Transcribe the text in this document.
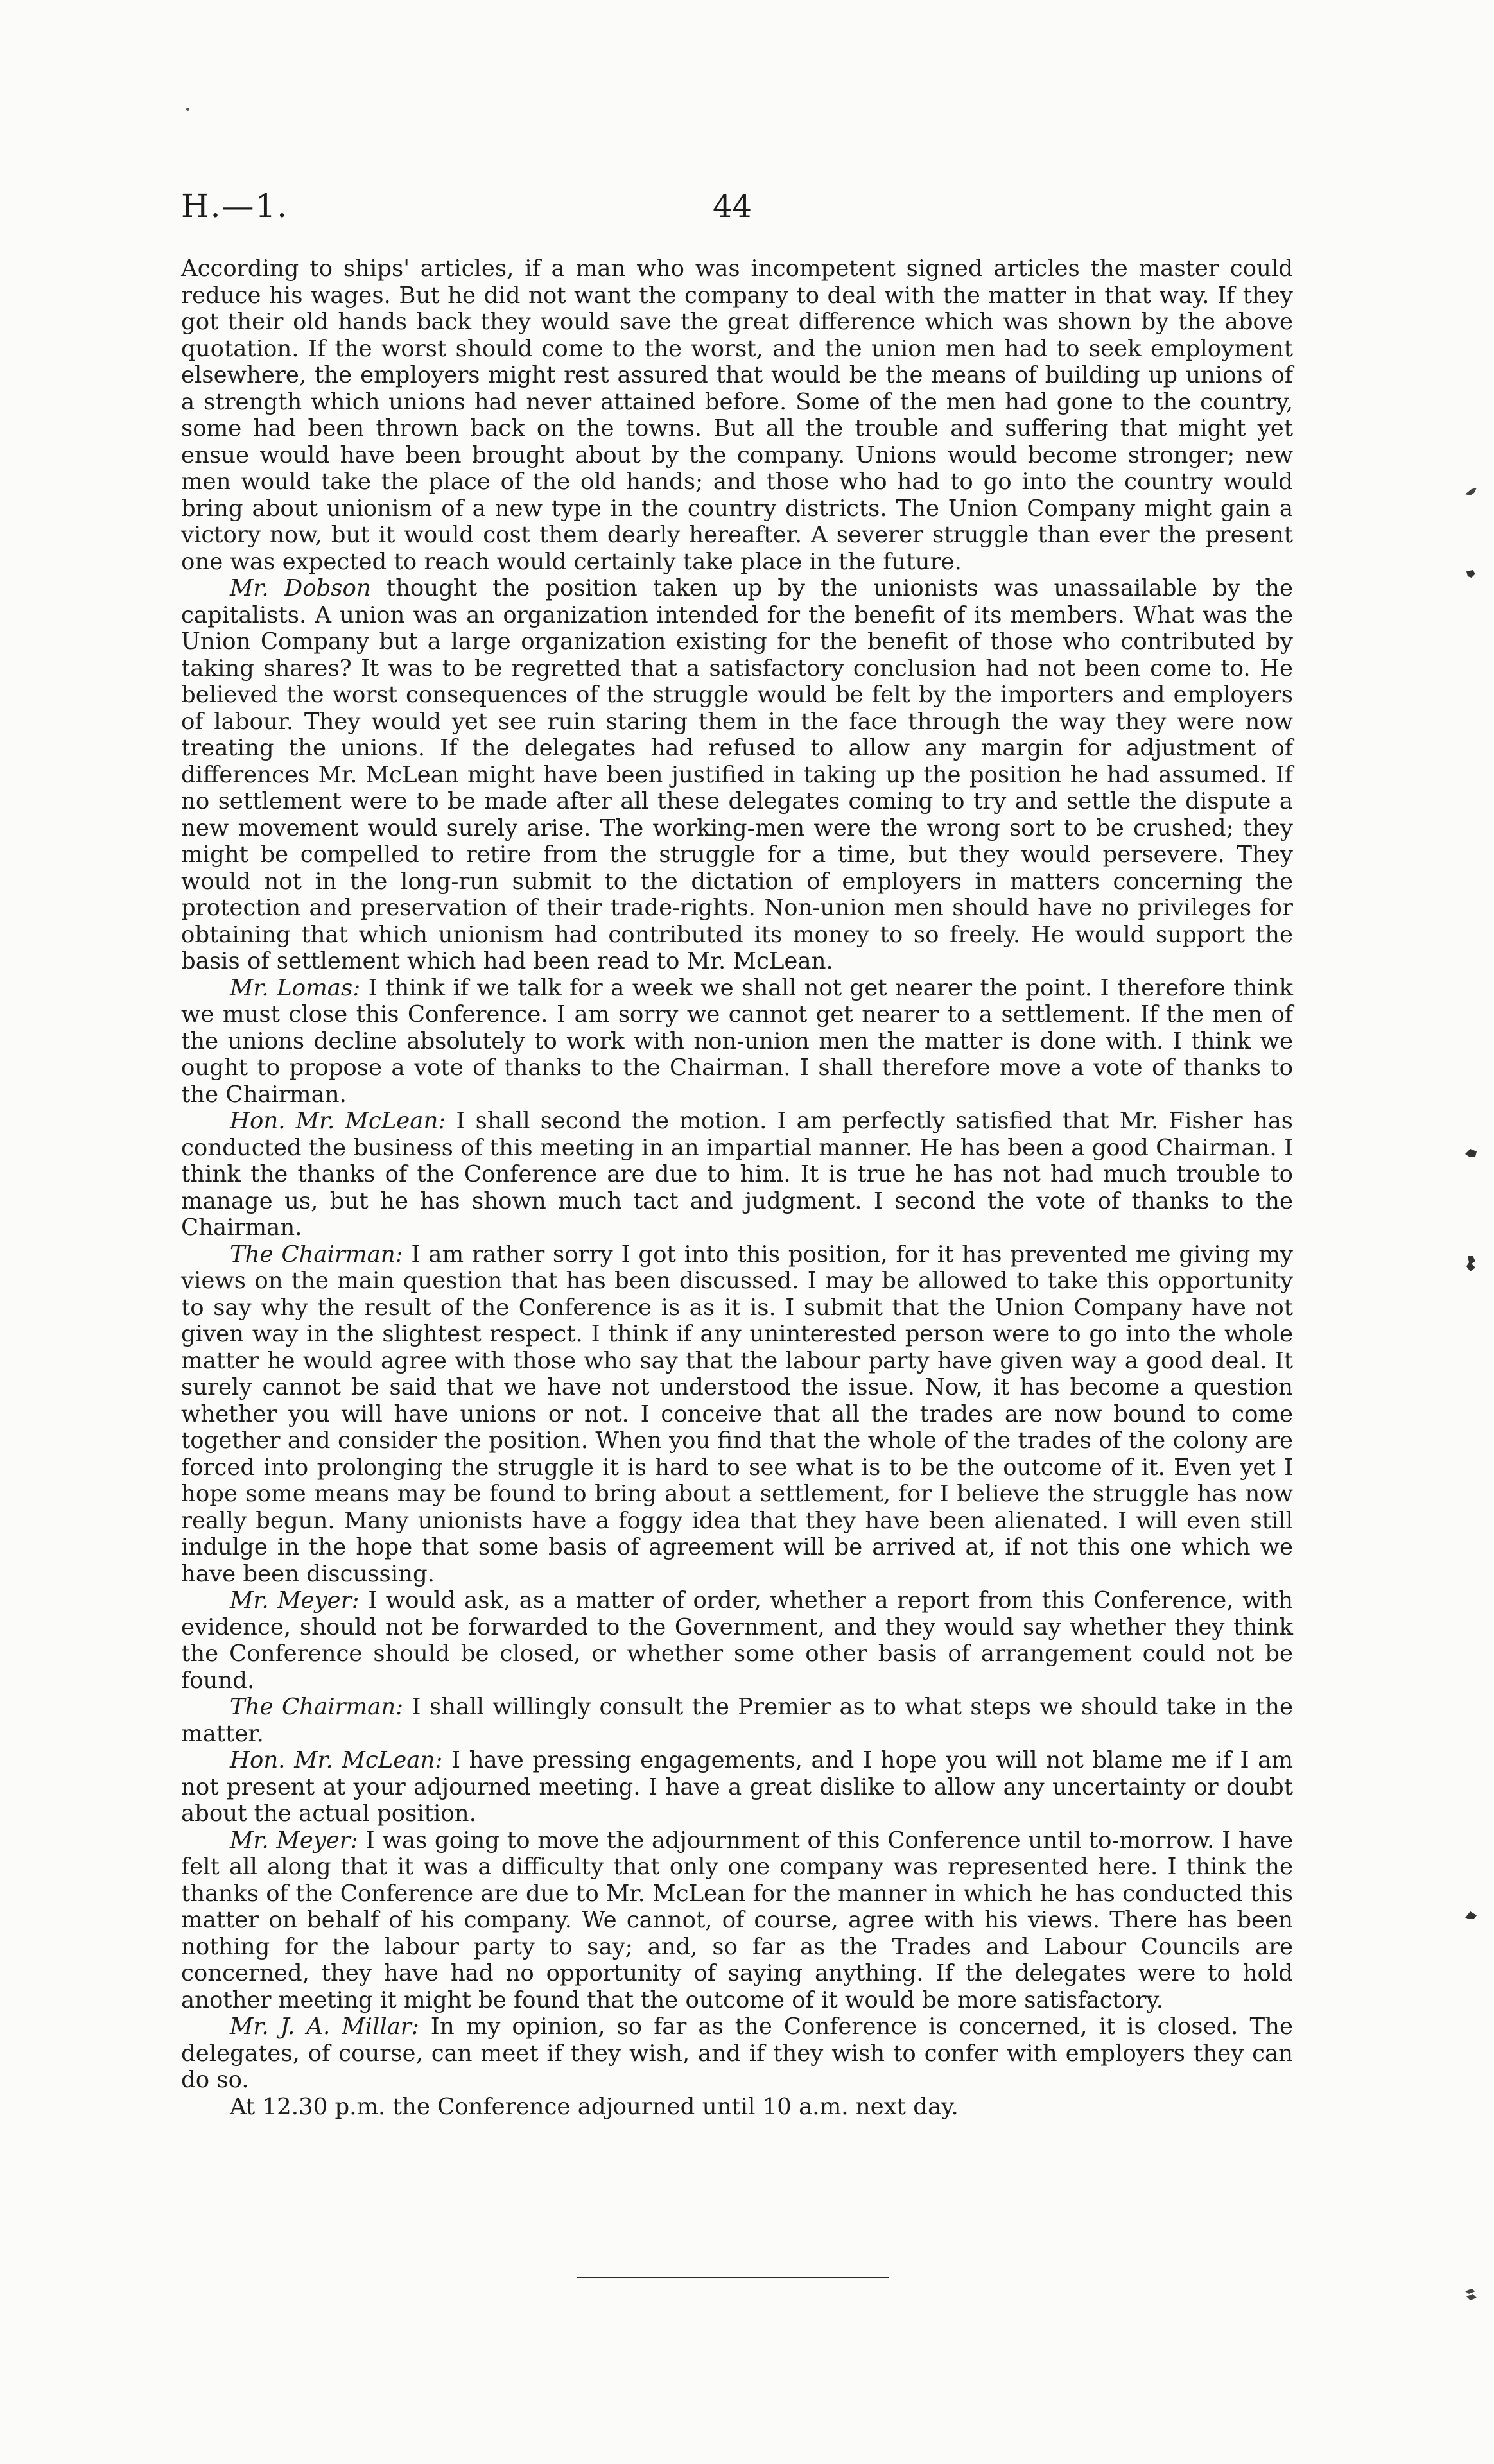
H.—1.	44

According to ships' articles, if a man who was incompetent signed articles the master could reduce his wages. But he did not want the company to deal with the matter in that way. If they got their old hands back they would save the great difference which was shown by the above quotation. If the worst should come to the worst, and the union men had to seek employment elsewhere, the employers might rest assured that would be the means of building up unions of a strength which unions had never attained before. Some of the men had gone to the country, some had been thrown back on the towns. But all the trouble and suffering that might yet ensue would have been brought about by the company. Unions would become stronger; new men would take the place of the old hands; and those who had to go into the country would bring about unionism of a new type in the country districts. The Union Company might gain a victory now, but it would cost them dearly hereafter. A severer struggle than ever the present one was expected to reach would certainly take place in the future.

Mr. Dobson thought the position taken up by the unionists was unassailable by the capitalists. A union was an organization intended for the benefit of its members. What was the Union Company but a large organization existing for the benefit of those who contributed by taking shares? It was to be regretted that a satisfactory conclusion had not been come to. He believed the worst consequences of the struggle would be felt by the importers and employers of labour. They would yet see ruin staring them in the face through the way they were now treating the unions. If the delegates had refused to allow any margin for adjustment of differences Mr. McLean might have been justified in taking up the position he had assumed. If no settlement were to be made after all these delegates coming to try and settle the dispute a new movement would surely arise. The working-men were the wrong sort to be crushed; they might be compelled to retire from the struggle for a time, but they would persevere. They would not in the long-run submit to the dictation of employers in matters concerning the protection and preservation of their trade-rights. Non-union men should have no privileges for obtaining that which unionism had contributed its money to so freely. He would support the basis of settlement which had been read to Mr. McLean.

Mr. Lomas: I think if we talk for a week we shall not get nearer the point. I therefore think we must close this Conference. I am sorry we cannot get nearer to a settlement. If the men of the unions decline absolutely to work with non-union men the matter is done with. I think we ought to propose a vote of thanks to the Chairman. I shall therefore move a vote of thanks to the Chairman.

Hon. Mr. McLean: I shall second the motion. I am perfectly satisfied that Mr. Fisher has conducted the business of this meeting in an impartial manner. He has been a good Chairman. I think the thanks of the Conference are due to him. It is true he has not had much trouble to manage us, but he has shown much tact and judgment. I second the vote of thanks to the Chairman.

The Chairman: I am rather sorry I got into this position, for it has prevented me giving my views on the main question that has been discussed. I may be allowed to take this opportunity to say why the result of the Conference is as it is. I submit that the Union Company have not given way in the slightest respect. I think if any uninterested person were to go into the whole matter he would agree with those who say that the labour party have given way a good deal. It surely cannot be said that we have not understood the issue. Now, it has become a question whether you will have unions or not. I conceive that all the trades are now bound to come together and consider the position. When you find that the whole of the trades of the colony are forced into prolonging the struggle it is hard to see what is to be the outcome of it. Even yet I hope some means may be found to bring about a settlement, for I believe the struggle has now really begun. Many unionists have a foggy idea that they have been alienated. I will even still indulge in the hope that some basis of agreement will be arrived at, if not this one which we have been discussing.

Mr. Meyer: I would ask, as a matter of order, whether a report from this Conference, with evidence, should not be forwarded to the Government, and they would say whether they think the Conference should be closed, or whether some other basis of arrangement could not be found.

The Chairman: I shall willingly consult the Premier as to what steps we should take in the matter.

Hon. Mr. McLean: I have pressing engagements, and I hope you will not blame me if I am not present at your adjourned meeting. I have a great dislike to allow any uncertainty or doubt about the actual position.

Mr. Meyer: I was going to move the adjournment of this Conference until to-morrow. I have felt all along that it was a difficulty that only one company was represented here. I think the thanks of the Conference are due to Mr. McLean for the manner in which he has conducted this matter on behalf of his company. We cannot, of course, agree with his views. There has been nothing for the labour party to say; and, so far as the Trades and Labour Councils are concerned, they have had no opportunity of saying anything. If the delegates were to hold another meeting it might be found that the outcome of it would be more satisfactory.

Mr. J. A. Millar: In my opinion, so far as the Conference is concerned, it is closed. The delegates, of course, can meet if they wish, and if they wish to confer with employers they can do so.

At 12.30 p.m. the Conference adjourned until 10 a.m. next day.
